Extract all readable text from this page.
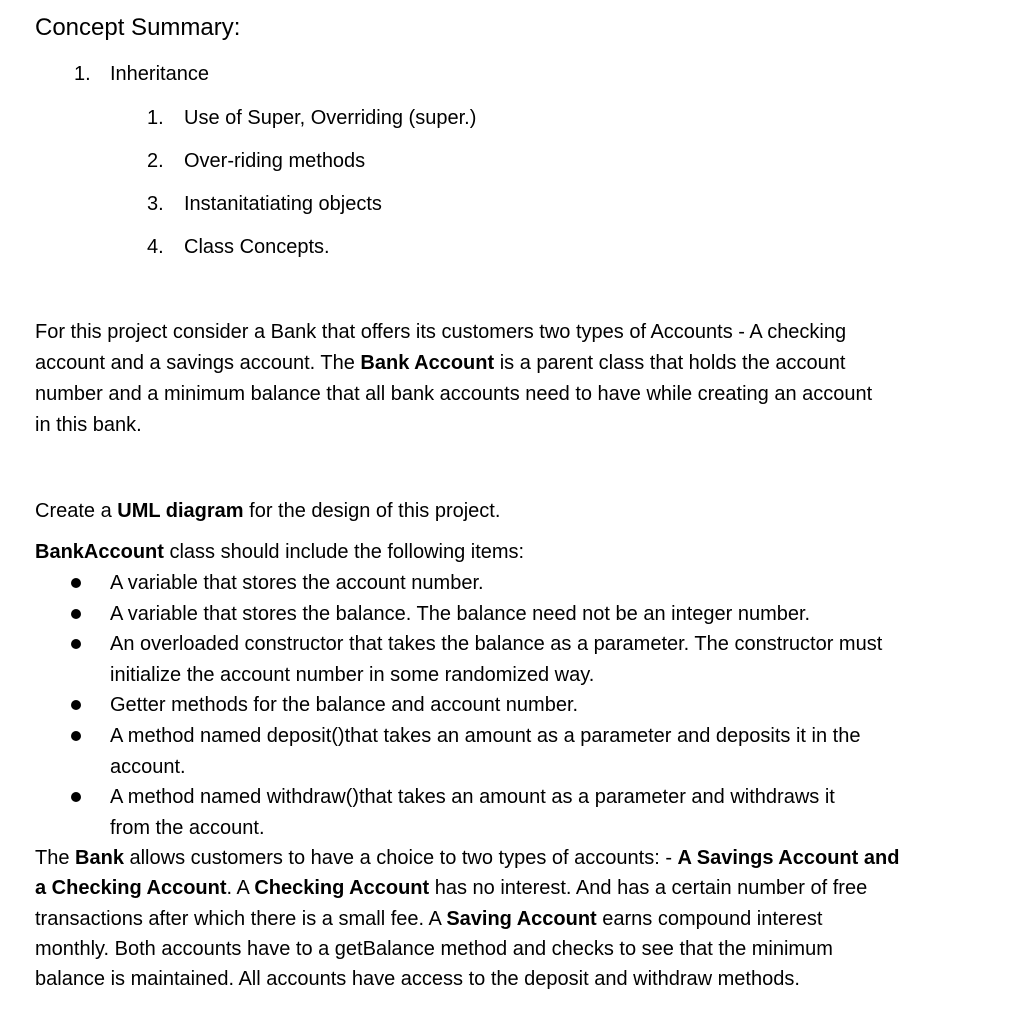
Concept Summary:
1. Inheritance
1. Use of Super, Overriding (super.)
2. Over-riding methods
3. Instanitatiating objects
4. Class Concepts.

For this project consider a Bank that offers its customers two types of Accounts - A checking
account and a savings account. The Bank Account is a parent class that holds the account
number and a minimum balance that all bank accounts need to have while creating an account
in this bank.

Create a UML diagram for the design of this project.

BankAccount class should include the following items:

A variable that stores the account number.
A variable that stores the balance. The balance need not be an integer number.
An overloaded constructor that takes the balance as a parameter. The constructor must
initialize the account number in some randomized way.
Getter methods for the balance and account number.
A method named deposit()that takes an amount as a parameter and deposits it in the
account.
A method named withdraw()that takes an amount as a parameter and withdraws it
from the account.

The Bank allows customers to have a choice to two types of accounts: - A Savings Account and
a Checking Account. A Checking Account has no interest. And has a certain number of free
transactions after which there is a small fee. A Saving Account earns compound interest
monthly. Both accounts have to a getBalance method and checks to see that the minimum
balance is maintained. All accounts have access to the deposit and withdraw methods.
